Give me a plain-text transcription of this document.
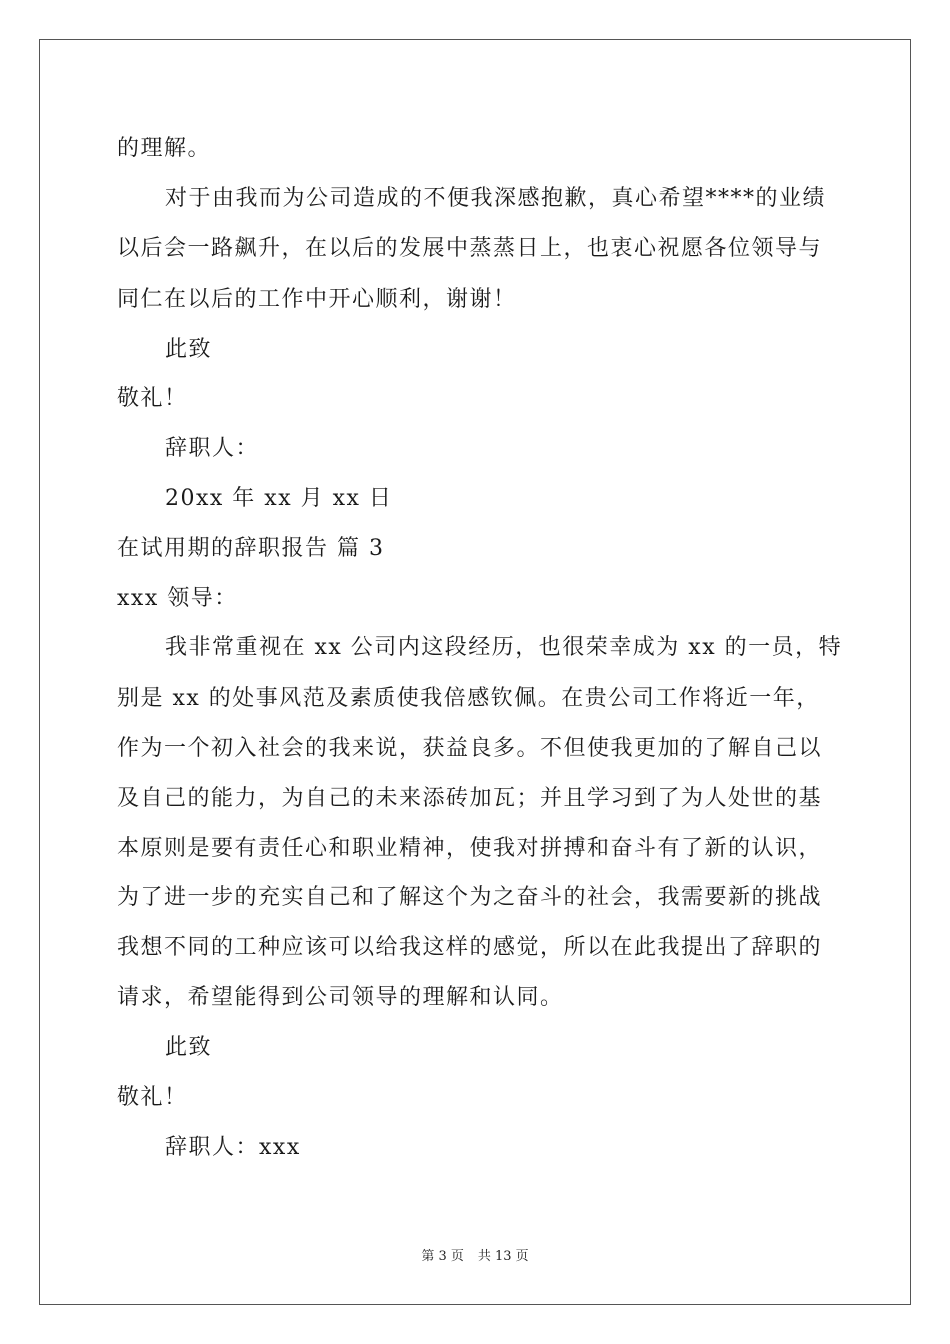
的理解。
对于由我而为公司造成的不便我深感抱歉，真心希望****的业绩
以后会一路飙升，在以后的发展中蒸蒸日上，也衷心祝愿各位领导与
同仁在以后的工作中开心顺利，谢谢！
此致
敬礼！
辞职人：
20xx 年 xx 月 xx 日
在试用期的辞职报告 篇 3
xxx 领导：
我非常重视在 xx 公司内这段经历，也很荣幸成为 xx 的一员，特
别是 xx 的处事风范及素质使我倍感钦佩。在贵公司工作将近一年，
作为一个初入社会的我来说，获益良多。不但使我更加的了解自己以
及自己的能力，为自己的未来添砖加瓦；并且学习到了为人处世的基
本原则是要有责任心和职业精神，使我对拼搏和奋斗有了新的认识，
为了进一步的充实自己和了解这个为之奋斗的社会，我需要新的挑战
我想不同的工种应该可以给我这样的感觉，所以在此我提出了辞职的
请求，希望能得到公司领导的理解和认同。
此致
敬礼！
辞职人：xxx
第 3 页 共 13 页
